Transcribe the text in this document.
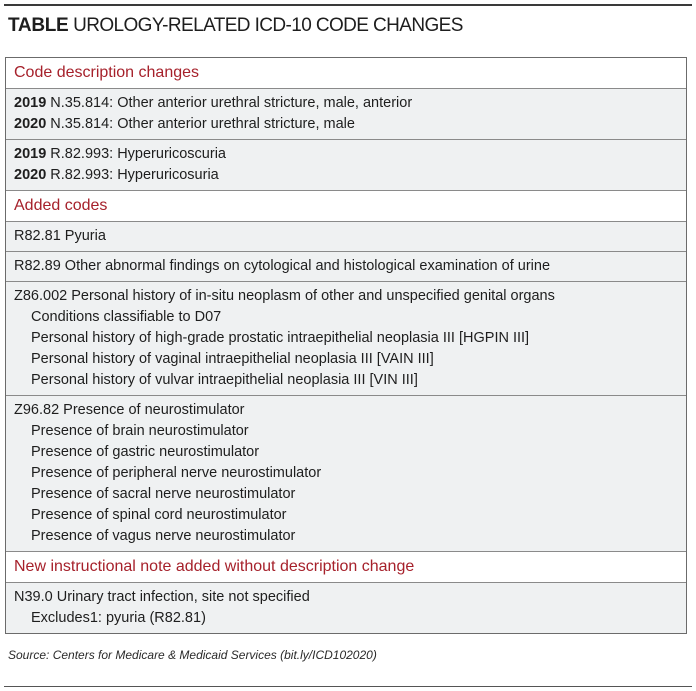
TABLE UROLOGY-RELATED ICD-10 CODE CHANGES
Code description changes
2019 N.35.814: Other anterior urethral stricture, male, anterior
2020 N.35.814: Other anterior urethral stricture, male
2019 R.82.993: Hyperuricoscuria
2020 R.82.993: Hyperuricosuria
Added codes
R82.81 Pyuria
R82.89 Other abnormal findings on cytological and histological examination of urine
Z86.002 Personal history of in-situ neoplasm of other and unspecified genital organs
Conditions classifiable to D07
Personal history of high-grade prostatic intraepithelial neoplasia III [HGPIN III]
Personal history of vaginal intraepithelial neoplasia III [VAIN III]
Personal history of vulvar intraepithelial neoplasia III [VIN III]
Z96.82 Presence of neurostimulator
Presence of brain neurostimulator
Presence of gastric neurostimulator
Presence of peripheral nerve neurostimulator
Presence of sacral nerve neurostimulator
Presence of spinal cord neurostimulator
Presence of vagus nerve neurostimulator
New instructional note added without description change
N39.0 Urinary tract infection, site not specified
Excludes1: pyuria (R82.81)
Source: Centers for Medicare & Medicaid Services (bit.ly/ICD102020)
